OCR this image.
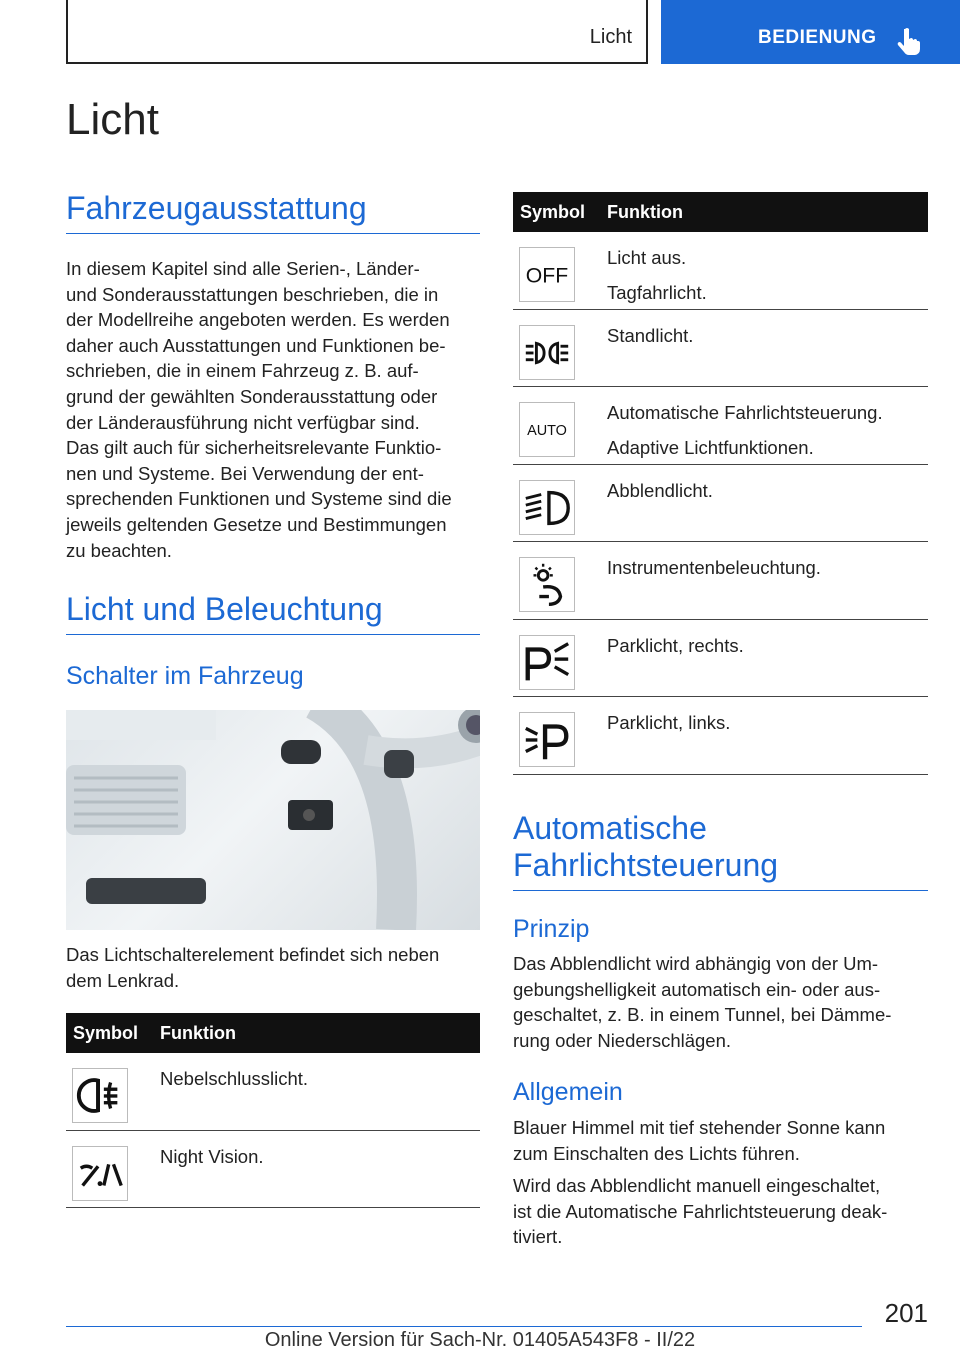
Licht	BEDIENUNG
Licht
Fahrzeugausstattung
In diesem Kapitel sind alle Serien-, Länder-
und Sonderausstattungen beschrieben, die in
der Modellreihe angeboten werden. Es werden
daher auch Ausstattungen und Funktionen be-
schrieben, die in einem Fahrzeug z. B. auf-
grund der gewählten Sonderausstattung oder
der Länderausführung nicht verfügbar sind.
Das gilt auch für sicherheitsrelevante Funktio-
nen und Systeme. Bei Verwendung der ent-
sprechenden Funktionen und Systeme sind die
jeweils geltenden Gesetze und Bestimmungen
zu beachten.
Licht und Beleuchtung
Schalter im Fahrzeug
Das Lichtschalterelement befindet sich neben
dem Lenkrad.
Symbol Funktion
Nebelschlusslicht.
Night Vision.
Symbol Funktion
OFF
Licht aus.
Tagfahrlicht.
Standlicht.
AUTO
Automatische Fahrlichtsteuerung.
Adaptive Lichtfunktionen.
Abblendlicht.
Instrumentenbeleuchtung.
Parklicht, rechts.
Parklicht, links.
Automatische
Fahrlichtsteuerung
Prinzip
Das Abblendlicht wird abhängig von der Um-
gebungshelligkeit automatisch ein- oder aus-
geschaltet, z. B. in einem Tunnel, bei Dämme-
rung oder Niederschlägen.
Allgemein
Blauer Himmel mit tief stehender Sonne kann
zum Einschalten des Lichts führen.
Wird das Abblendlicht manuell eingeschaltet,
ist die Automatische Fahrlichtsteuerung deak-
tiviert.
201
Online Version für Sach-Nr. 01405A543F8 - II/22
